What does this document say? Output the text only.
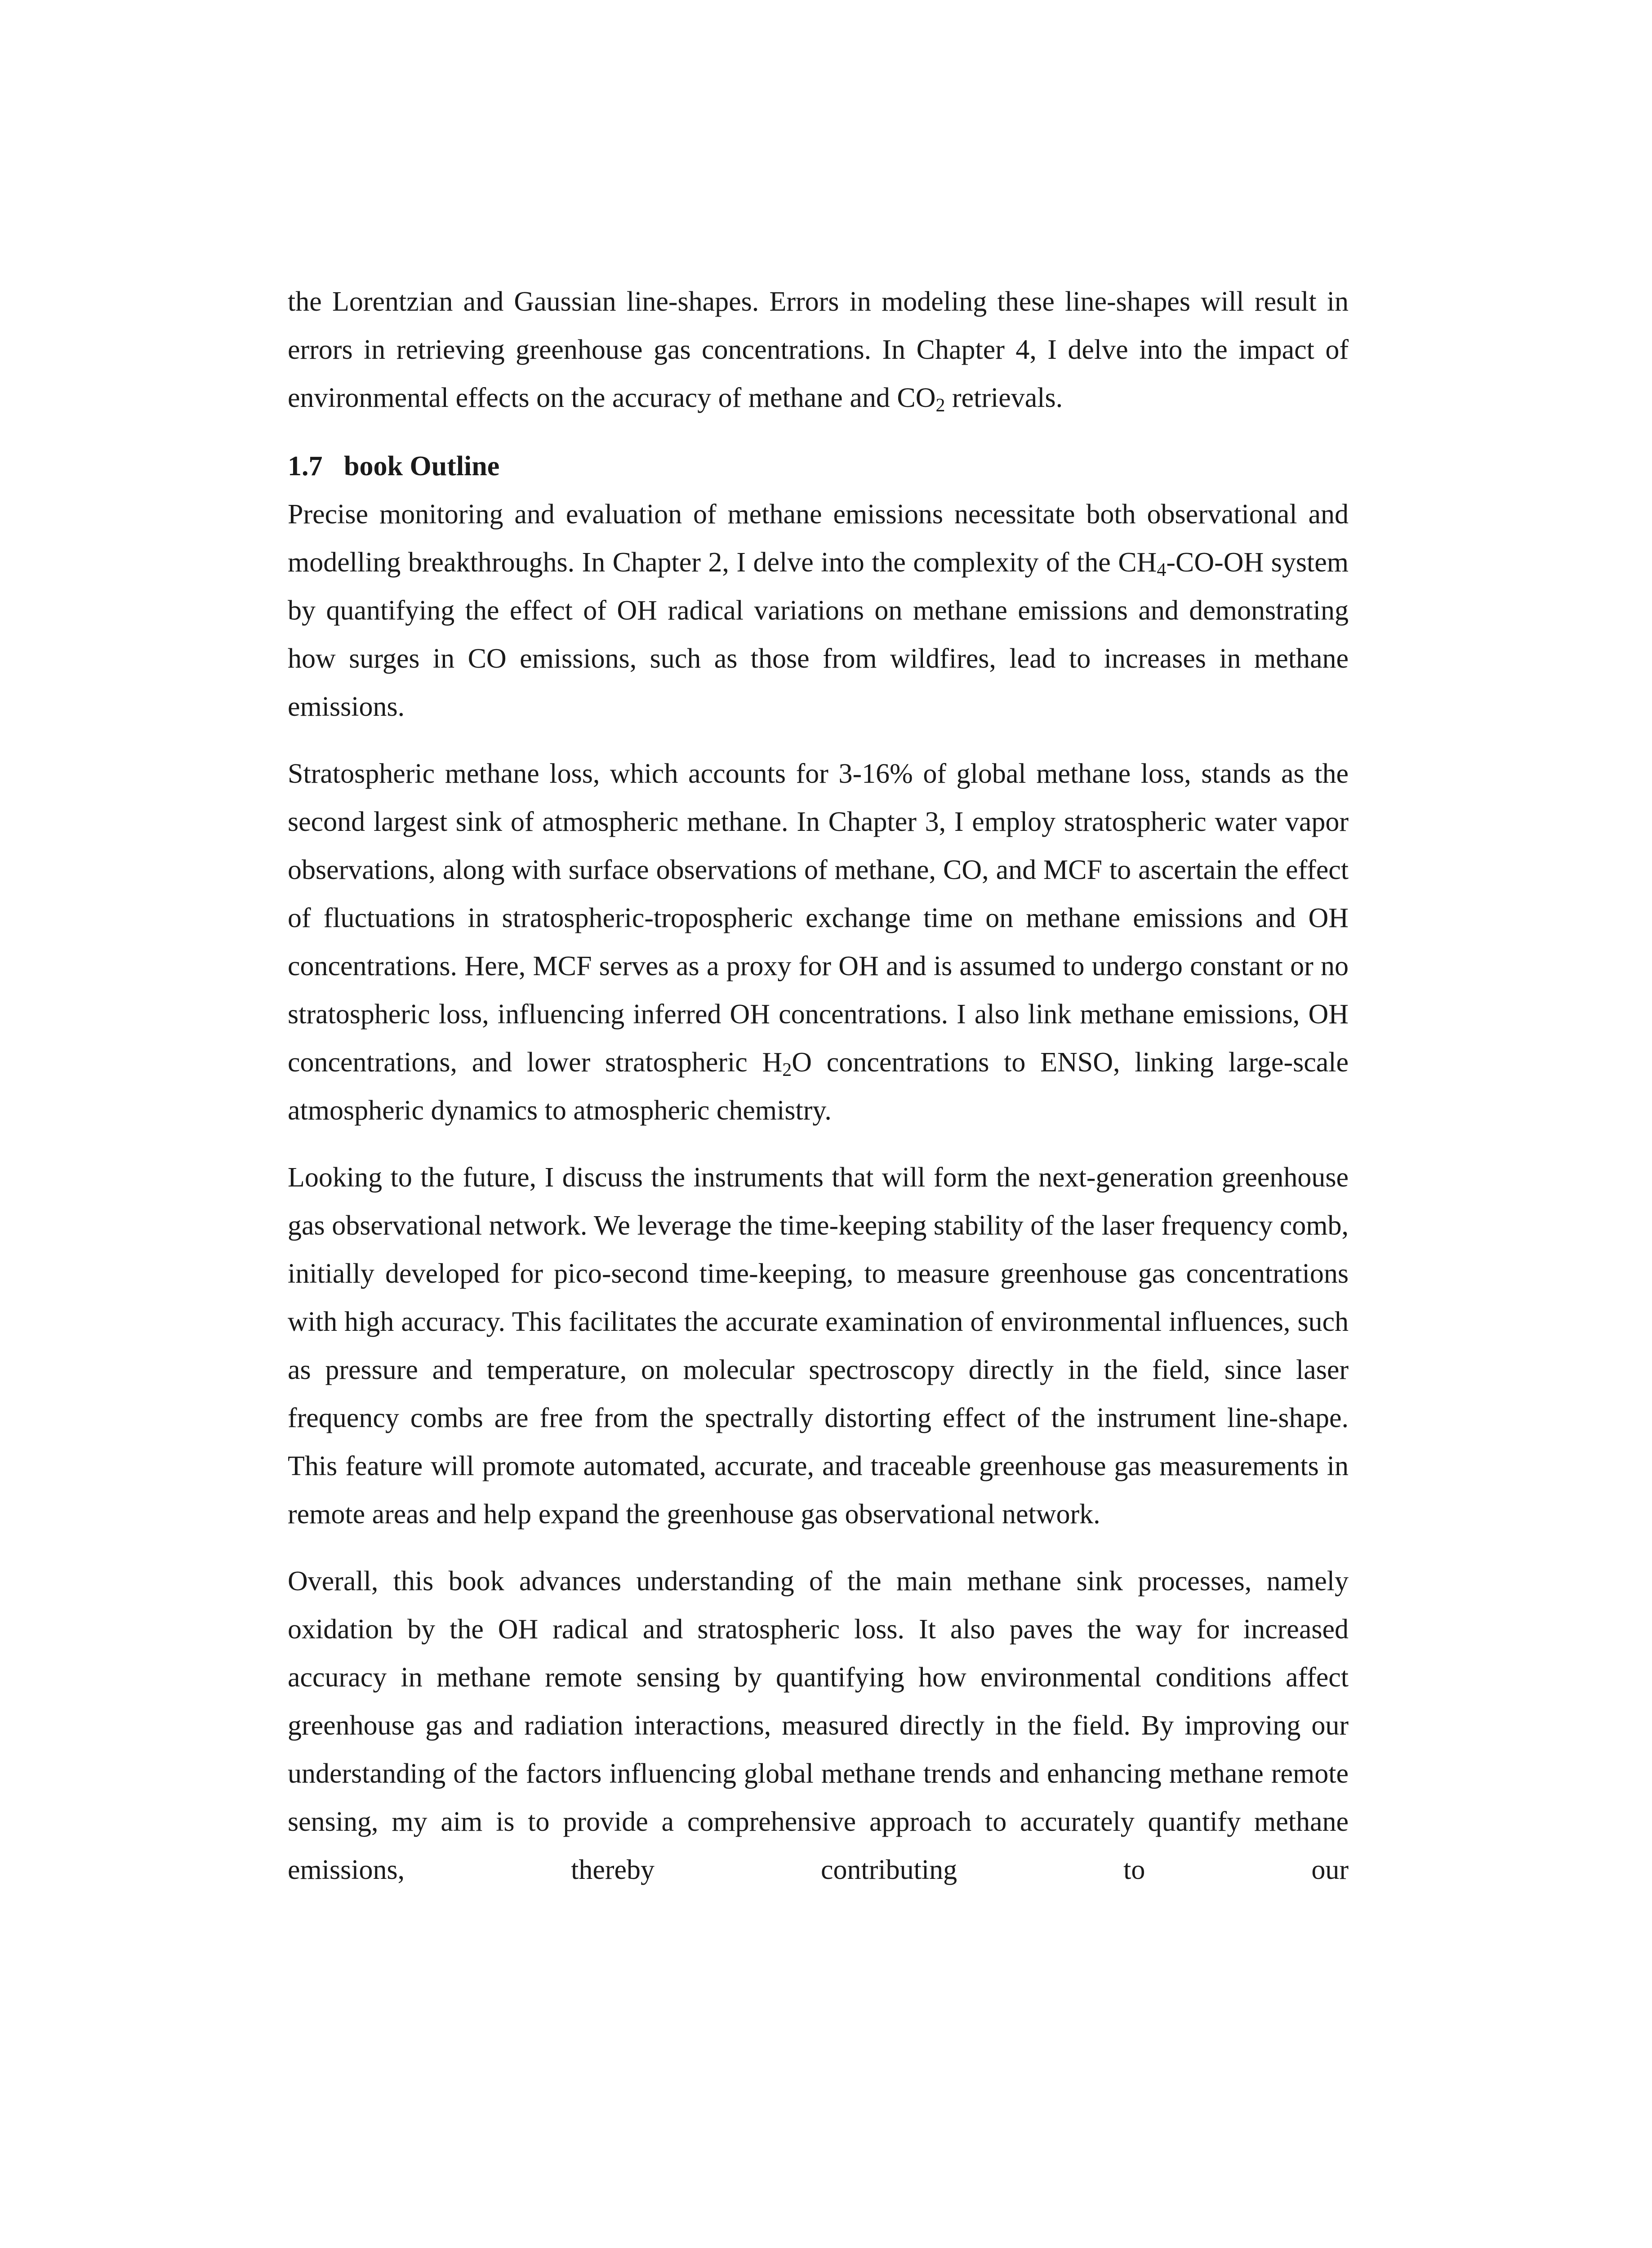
the Lorentzian and Gaussian line-shapes. Errors in modeling these line-shapes will result in errors in retrieving greenhouse gas concentrations. In Chapter 4, I delve into the impact of environmental effects on the accuracy of methane and $CO_2$ retrievals.

1.7 book Outline

Precise monitoring and evaluation of methane emissions necessitate both observational and modelling breakthroughs. In Chapter 2, I delve into the complexity of the $CH_4-CO-OH$ system by quantifying the effect of OH radical variations on methane emissions and demonstrating how surges in CO emissions, such as those from wildfires, lead to increases in methane emissions.

Stratospheric methane loss, which accounts for 3-16% of global methane loss, stands as the second largest sink of atmospheric methane. In Chapter 3, I employ stratospheric water vapor observations, along with surface observations of methane, CO, and MCF to ascertain the effect of fluctuations in stratospheric-tropospheric exchange time on methane emissions and OH concentrations. Here, MCF serves as a proxy for OH and is assumed to undergo constant or no stratospheric loss, influencing inferred OH concentrations. I also link methane emissions, OH concentrations, and lower stratospheric $H_2O$ concentrations to ENSO, linking large-scale atmospheric dynamics to atmospheric chemistry.

Looking to the future, I discuss the instruments that will form the next-generation greenhouse gas observational network. We leverage the time-keeping stability of the laser frequency comb, initially developed for pico-second time-keeping, to measure greenhouse gas concentrations with high accuracy. This facilitates the accurate examination of environmental influences, such as pressure and temperature, on molecular spectroscopy directly in the field, since laser frequency combs are free from the spectrally distorting effect of the instrument line-shape. This feature will promote automated, accurate, and traceable greenhouse gas measurements in remote areas and help expand the greenhouse gas observational network.

Overall, this book advances understanding of the main methane sink processes, namely oxidation by the OH radical and stratospheric loss. It also paves the way for increased accuracy in methane remote sensing by quantifying how environmental conditions affect greenhouse gas and radiation interactions, measured directly in the field. By improving our understanding of the factors influencing global methane trends and enhancing methane remote sensing, my aim is to provide a comprehensive approach to accurately quantify methane emissions, thereby contributing to our
